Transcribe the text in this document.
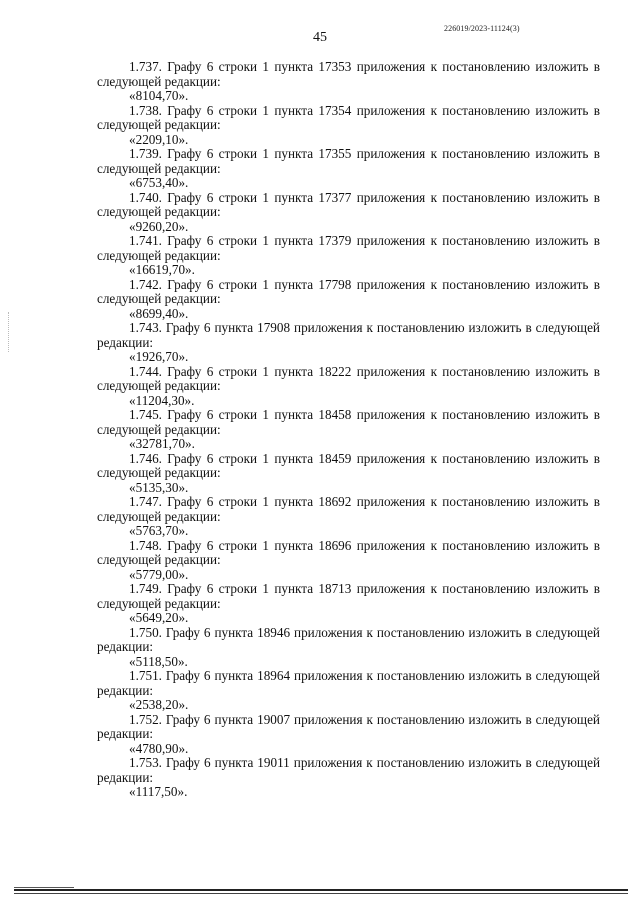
226019/2023-11124(3)
45

1.737. Графу 6 строки 1 пункта 17353 приложения к постановлению изложить в следующей редакции:

«8104,70».

1.738. Графу 6 строки 1 пункта 17354 приложения к постановлению изложить в следующей редакции:

«2209,10».

1.739. Графу 6 строки 1 пункта 17355 приложения к постановлению изложить в следующей редакции:

«6753,40».

1.740. Графу 6 строки 1 пункта 17377 приложения к постановлению изложить в следующей редакции:

«9260,20».

1.741. Графу 6 строки 1 пункта 17379 приложения к постановлению изложить в следующей редакции:

«16619,70».

1.742. Графу 6 строки 1 пункта 17798 приложения к постановлению изложить в следующей редакции:

«8699,40».

1.743. Графу 6 пункта 17908 приложения к постановлению изложить в следующей редакции:

«1926,70».

1.744. Графу 6 строки 1 пункта 18222 приложения к постановлению изложить в следующей редакции:

«11204,30».

1.745. Графу 6 строки 1 пункта 18458 приложения к постановлению изложить в следующей редакции:

«32781,70».

1.746. Графу 6 строки 1 пункта 18459 приложения к постановлению изложить в следующей редакции:

«5135,30».

1.747. Графу 6 строки 1 пункта 18692 приложения к постановлению изложить в следующей редакции:

«5763,70».

1.748. Графу 6 строки 1 пункта 18696 приложения к постановлению изложить в следующей редакции:

«5779,00».

1.749. Графу 6 строки 1 пункта 18713 приложения к постановлению изложить в следующей редакции:

«5649,20».

1.750. Графу 6 пункта 18946 приложения к постановлению изложить в следующей редакции:

«5118,50».

1.751. Графу 6 пункта 18964 приложения к постановлению изложить в следующей редакции:

«2538,20».

1.752. Графу 6 пункта 19007 приложения к постановлению изложить в следующей редакции:

«4780,90».

1.753. Графу 6 пункта 19011 приложения к постановлению изложить в следующей редакции:

«1117,50».
